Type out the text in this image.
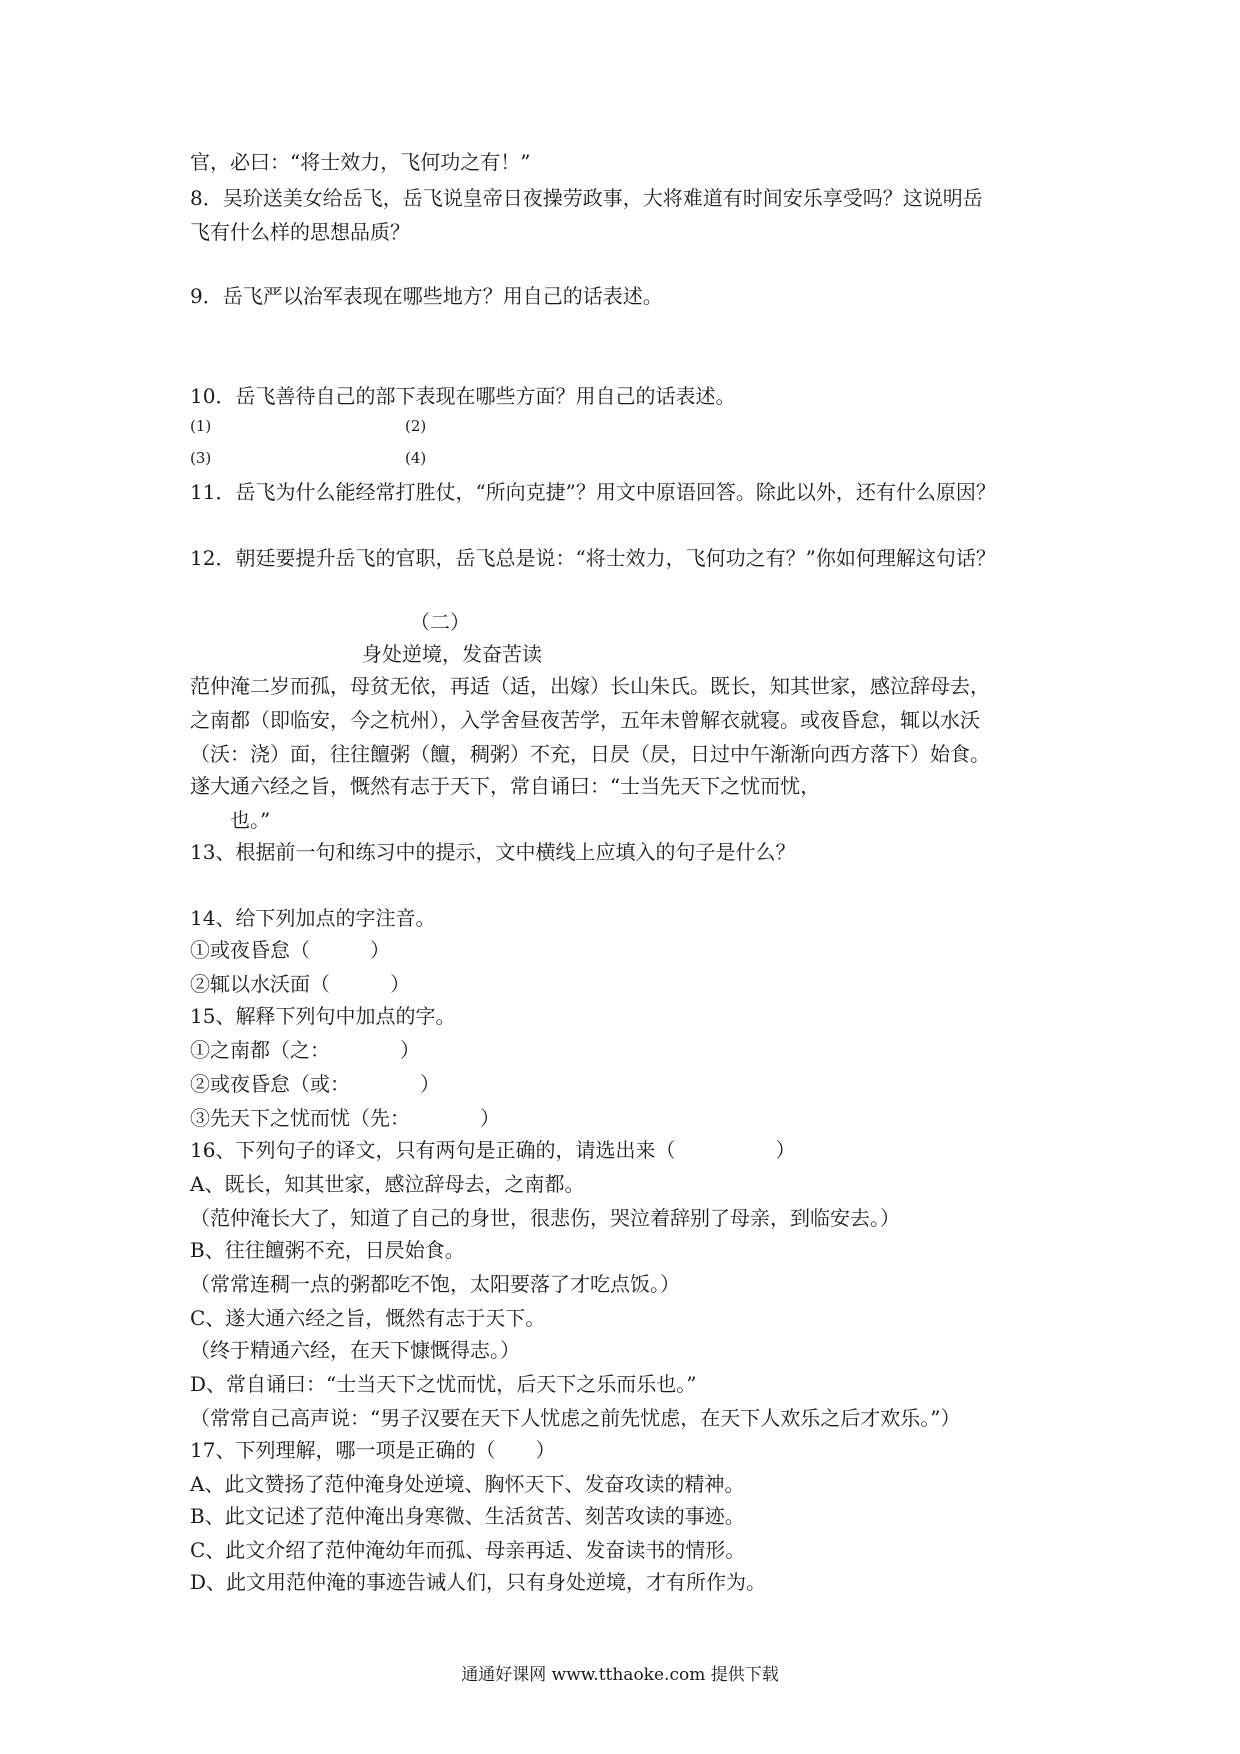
官，必曰：“将士效力，飞何功之有！”
8．吴玠送美女给岳飞，岳飞说皇帝日夜操劳政事，大将难道有时间安乐享受吗？这说明岳
飞有什么样的思想品质？
9．岳飞严以治军表现在哪些地方？用自己的话表述。
10．岳飞善待自己的部下表现在哪些方面？用自己的话表述。
(1)	(2)
(3)	(4)
11．岳飞为什么能经常打胜仗，“所向克捷”？用文中原语回答。除此以外，还有什么原因？
12．朝廷要提升岳飞的官职，岳飞总是说：“将士效力，飞何功之有？”你如何理解这句话？
（二）
身处逆境，发奋苦读
范仲淹二岁而孤，母贫无依，再适（适，出嫁）长山朱氏。既长，知其世家，感泣辞母去，
之南都（即临安，今之杭州），入学舍昼夜苦学，五年未曾解衣就寝。或夜昏怠，辄以水沃
（沃：浇）面，往往饘粥（饘，稠粥）不充，日昃（昃，日过中午渐渐向西方落下）始食。
遂大通六经之旨，慨然有志于天下，常自诵曰：“士当先天下之忧而忧，
也。”
13、根据前一句和练习中的提示，文中横线上应填入的句子是什么？
14、给下列加点的字注音。
①或夜昏怠（　　　）
②辄以水沃面（　　　）
15、解释下列句中加点的字。
①之南都（之：　　　　）
②或夜昏怠（或：　　　　）
③先天下之忧而忧（先：　　　　）
16、下列句子的译文，只有两句是正确的，请选出来（　　　　　）
A、既长，知其世家，感泣辞母去，之南都。
（范仲淹长大了，知道了自己的身世，很悲伤，哭泣着辞别了母亲，到临安去。）
B、往往饘粥不充，日昃始食。
（常常连稠一点的粥都吃不饱，太阳要落了才吃点饭。）
C、遂大通六经之旨，慨然有志于天下。
（终于精通六经，在天下慷慨得志。）
D、常自诵曰：“士当天下之忧而忧，后天下之乐而乐也。”
（常常自己高声说：“男子汉要在天下人忧虑之前先忧虑，在天下人欢乐之后才欢乐。”）
17、下列理解，哪一项是正确的（　　）
A、此文赞扬了范仲淹身处逆境、胸怀天下、发奋攻读的精神。
B、此文记述了范仲淹出身寒微、生活贫苦、刻苦攻读的事迹。
C、此文介绍了范仲淹幼年而孤、母亲再适、发奋读书的情形。
D、此文用范仲淹的事迹告诫人们，只有身处逆境，才有所作为。
通通好课网 www.tthaoke.com 提供下载
